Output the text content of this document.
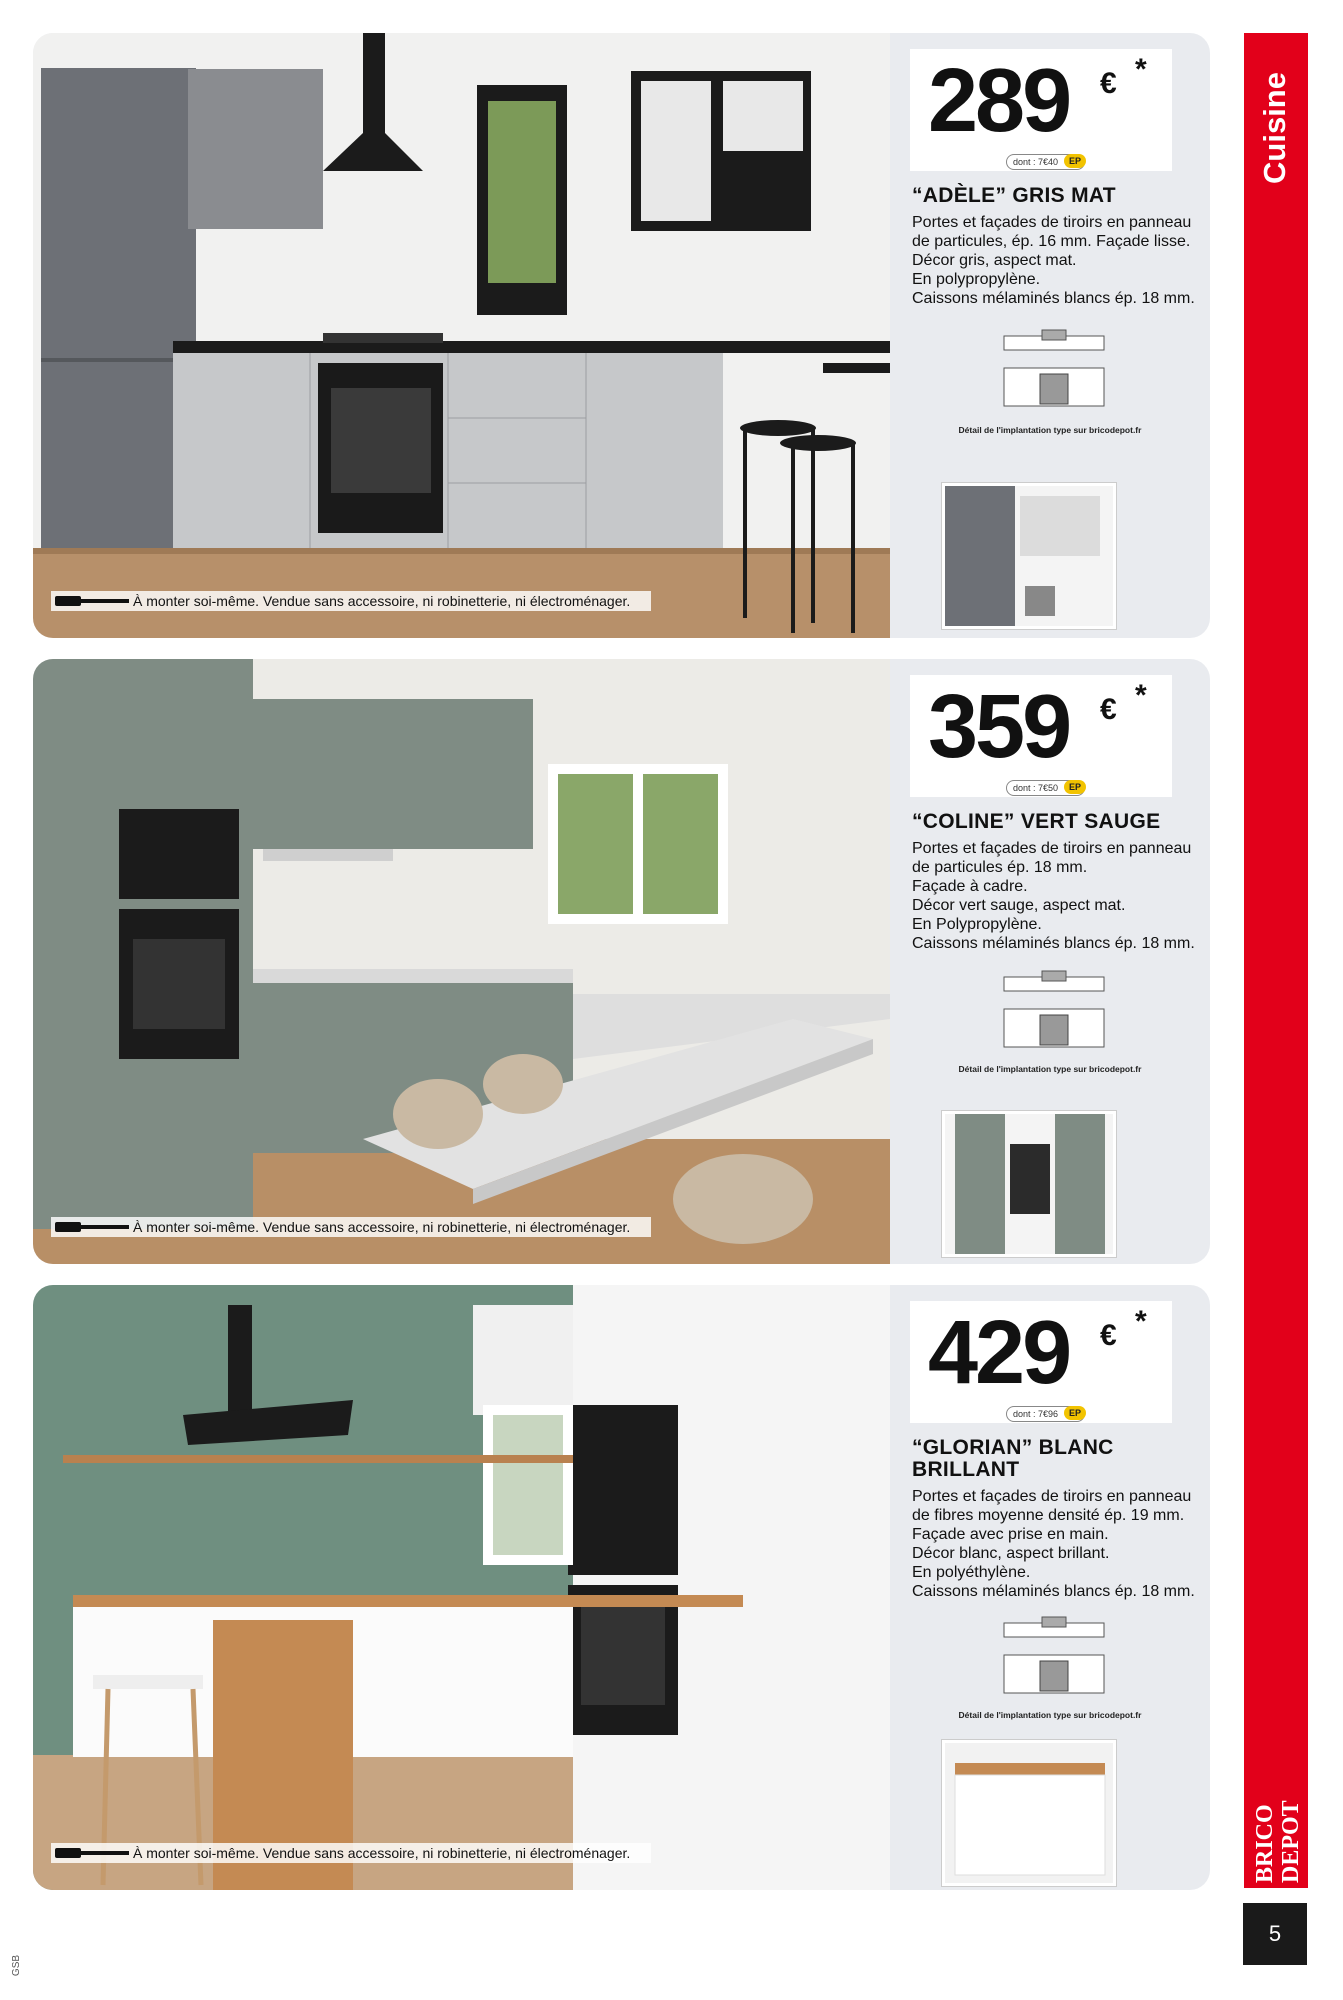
À monter soi-même. Vendue sans accessoire, ni robinetterie, ni électroménager.
289 € *
dont : 7€40	EP
“ADÈLE” GRIS MAT
Portes et façades de tiroirs en panneau
de particules, ép. 16 mm. Façade lisse.
Décor gris, aspect mat.
En polypropylène.
Caissons mélaminés blancs ép. 18 mm.
Détail de l'implantation type sur bricodepot.fr
À monter soi-même. Vendue sans accessoire, ni robinetterie, ni électroménager.
359 € *
dont : 7€50	EP
“COLINE” VERT SAUGE
Portes et façades de tiroirs en panneau
de particules ép. 18 mm.
Façade à cadre.
Décor vert sauge, aspect mat.
En Polypropylène.
Caissons mélaminés blancs ép. 18 mm.
Détail de l'implantation type sur bricodepot.fr
À monter soi-même. Vendue sans accessoire, ni robinetterie, ni électroménager.
429 € *
dont : 7€96	EP
“GLORIAN” BLANC BRILLANT
Portes et façades de tiroirs en panneau
de fibres moyenne densité ép. 19 mm.
Façade avec prise en main.
Décor blanc, aspect brillant.
En polyéthylène.
Caissons mélaminés blancs ép. 18 mm.
Détail de l'implantation type sur bricodepot.fr
Cuisine
BRICO DEPOT
5
GSB
